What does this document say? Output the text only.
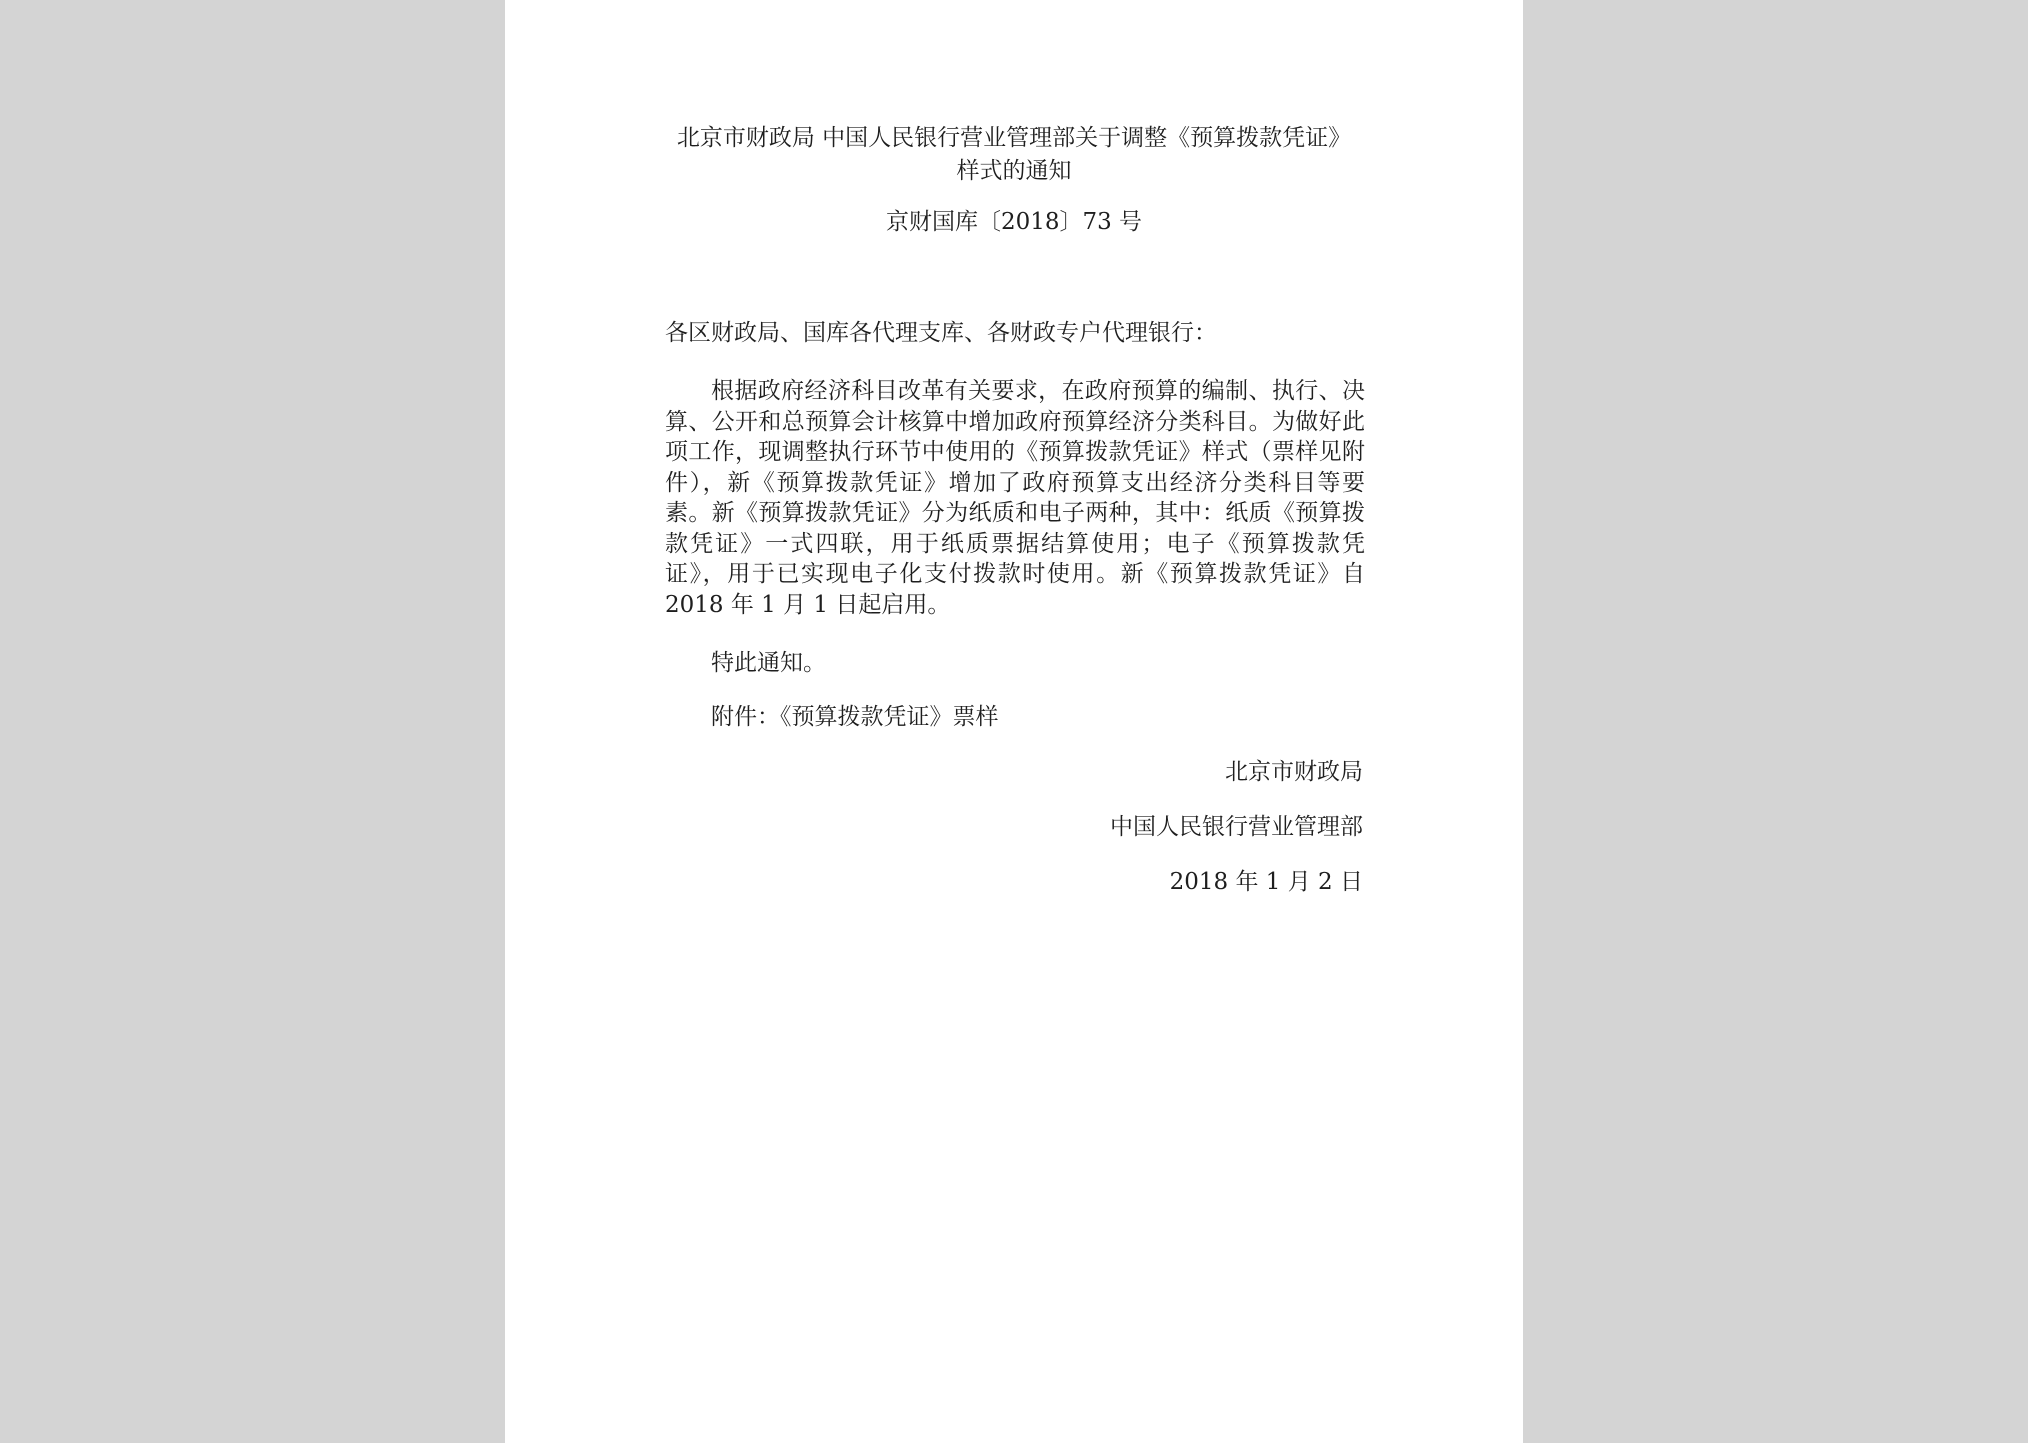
北京市财政局 中国人民银行营业管理部关于调整《预算拨款凭证》
样式的通知
京财国库〔2018〕73 号
各区财政局、国库各代理支库、各财政专户代理银行：
根据政府经济科目改革有关要求，在政府预算的编制、执行、决算、公开和总预算会计核算中增加政府预算经济分类科目。为做好此项工作，现调整执行环节中使用的《预算拨款凭证》样式（票样见附件），新《预算拨款凭证》增加了政府预算支出经济分类科目等要素。新《预算拨款凭证》分为纸质和电子两种，其中：纸质《预算拨款凭证》一式四联，用于纸质票据结算使用；电子《预算拨款凭证》，用于已实现电子化支付拨款时使用。新《预算拨款凭证》自 2018 年 1 月 1 日起启用。
特此通知。
附件：《预算拨款凭证》票样
北京市财政局
中国人民银行营业管理部
2018 年 1 月 2 日
